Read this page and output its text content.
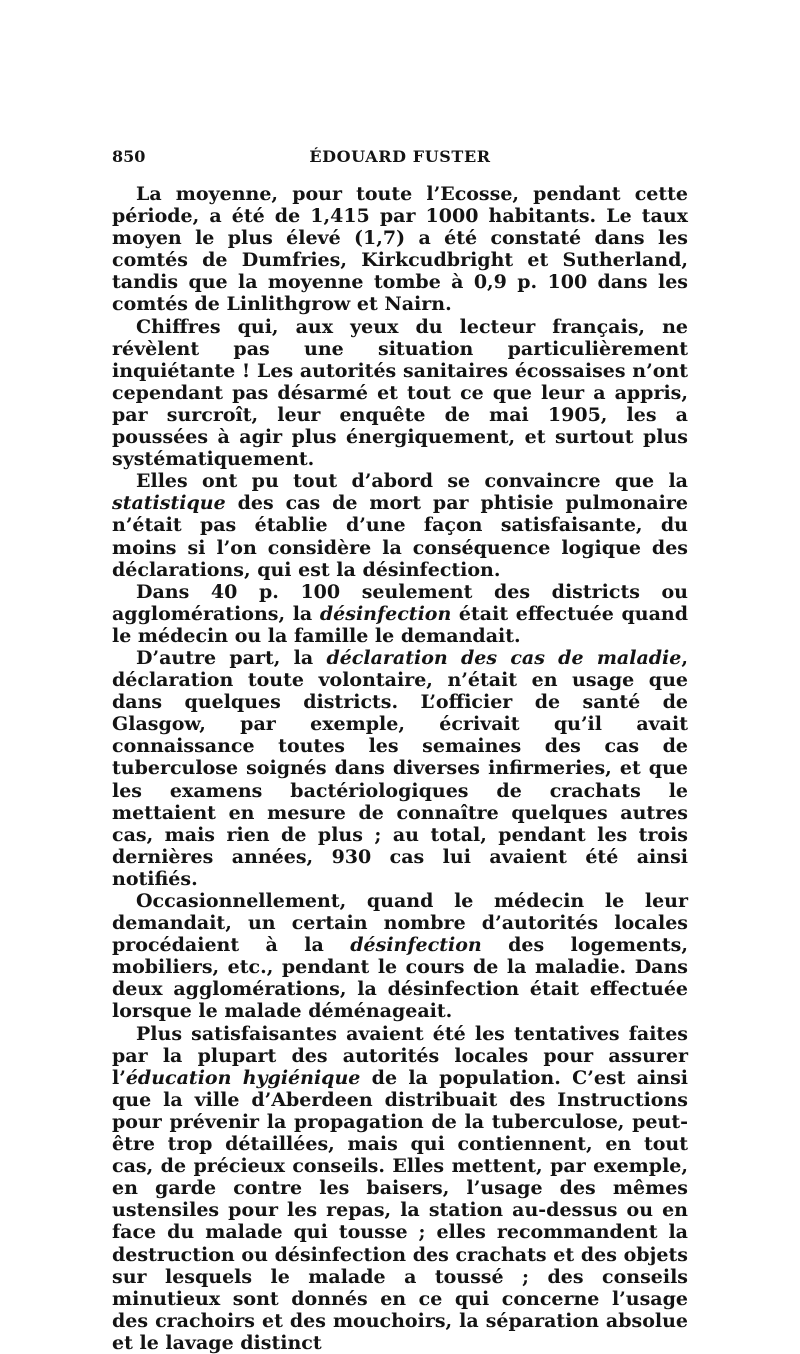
850	ÉDOUARD FUSTER

La moyenne, pour toute l’Ecosse, pendant cette période, a été de 1,415 par 1000 habitants. Le taux moyen le plus élevé (1,7) a été constaté dans les comtés de Dumfries, Kirkcudbright et Sutherland, tandis que la moyenne tombe à 0,9 p. 100 dans les comtés de Linlithgrow et Nairn.

Chiffres qui, aux yeux du lecteur français, ne révèlent pas une situation particulièrement inquiétante ! Les autorités sanitaires écossaises n’ont cependant pas désarmé et tout ce que leur a appris, par surcroît, leur enquête de mai 1905, les a poussées à agir plus énergiquement, et surtout plus systématiquement.

Elles ont pu tout d’abord se convaincre que la statistique des cas de mort par phtisie pulmonaire n’était pas établie d’une façon satisfaisante, du moins si l’on considère la conséquence logique des déclarations, qui est la désinfection.

Dans 40 p. 100 seulement des districts ou agglomérations, la désinfection était effectuée quand le médecin ou la famille le demandait.

D’autre part, la déclaration des cas de maladie, déclaration toute volontaire, n’était en usage que dans quelques districts. L’officier de santé de Glasgow, par exemple, écrivait qu’il avait connaissance toutes les semaines des cas de tuberculose soignés dans diverses infirmeries, et que les examens bactériologiques de crachats le mettaient en mesure de connaître quelques autres cas, mais rien de plus ; au total, pendant les trois dernières années, 930 cas lui avaient été ainsi notifiés.

Occasionnellement, quand le médecin le leur demandait, un certain nombre d’autorités locales procédaient à la désinfection des logements, mobiliers, etc., pendant le cours de la maladie. Dans deux agglomérations, la désinfection était effectuée lorsque le malade déménageait.

Plus satisfaisantes avaient été les tentatives faites par la plupart des autorités locales pour assurer l’éducation hygiénique de la population. C’est ainsi que la ville d’Aberdeen distribuait des Instructions pour prévenir la propagation de la tuberculose, peut-être trop détaillées, mais qui contiennent, en tout cas, de précieux conseils. Elles mettent, par exemple, en garde contre les baisers, l’usage des mêmes ustensiles pour les repas, la station au-dessus ou en face du malade qui tousse ; elles recommandent la destruction ou désinfection des crachats et des objets sur lesquels le malade a toussé ; des conseils minutieux sont donnés en ce qui concerne l’usage des crachoirs et des mouchoirs, la séparation absolue et le lavage distinct
